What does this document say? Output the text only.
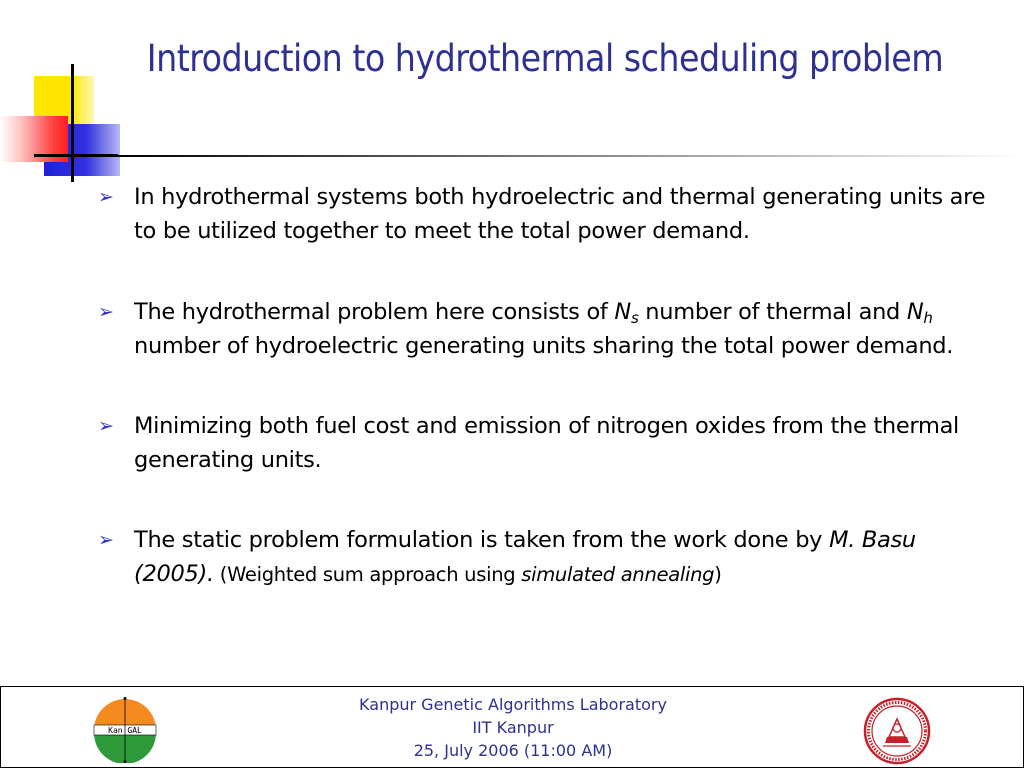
Introduction to hydrothermal scheduling problem
➢ In hydrothermal systems both hydroelectric and thermal generating units are to be utilized together to meet the total power demand.
➢ The hydrothermal problem here consists of $N_s$ number of thermal and $N_h$ number of hydroelectric generating units sharing the total power demand.
➢ Minimizing both fuel cost and emission of nitrogen oxides from the thermal generating units.
➢ The static problem formulation is taken from the work done by M. Basu (2005). (Weighted sum approach using simulated annealing)
Kan GAL
Kanpur Genetic Algorithms Laboratory
IIT Kanpur
25, July 2006 (11:00 AM)
